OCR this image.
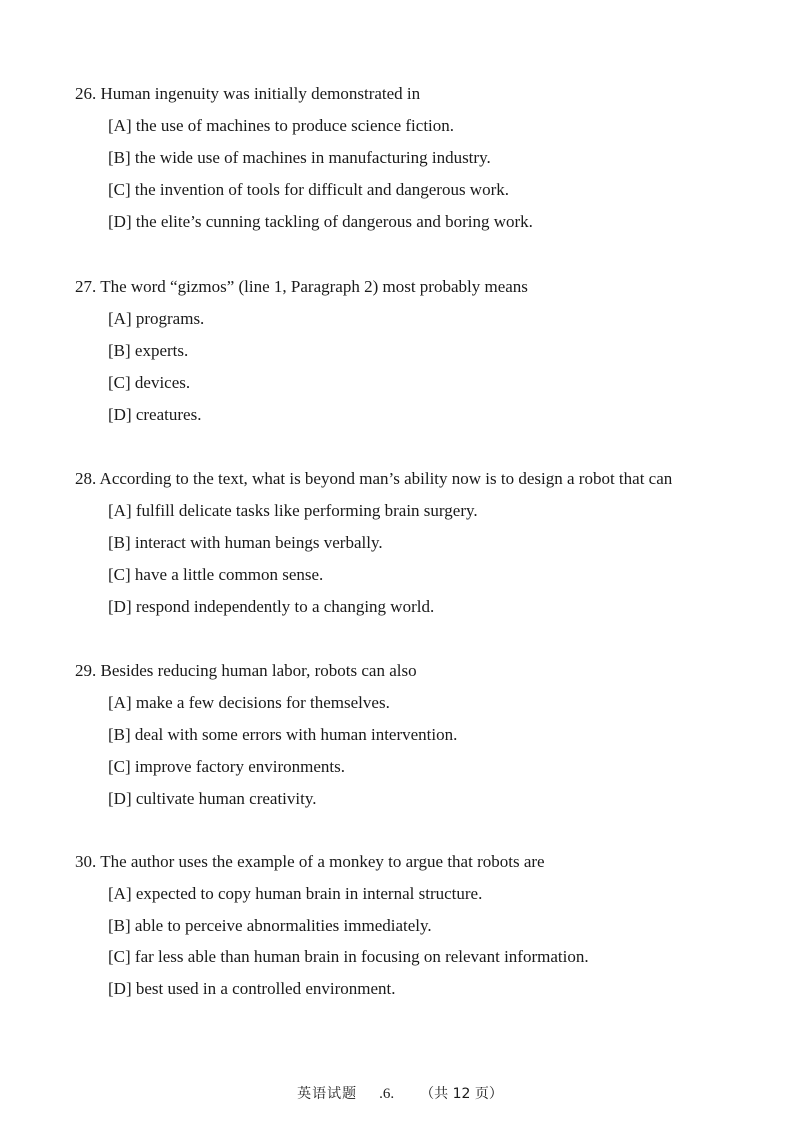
26. Human ingenuity was initially demonstrated in
[A] the use of machines to produce science fiction.
[B] the wide use of machines in manufacturing industry.
[C] the invention of tools for difficult and dangerous work.
[D] the elite’s cunning tackling of dangerous and boring work.
27. The word “gizmos” (line 1, Paragraph 2) most probably means
[A] programs.
[B] experts.
[C] devices.
[D] creatures.
28. According to the text, what is beyond man’s ability now is to design a robot that can
[A] fulfill delicate tasks like performing brain surgery.
[B] interact with human beings verbally.
[C] have a little common sense.
[D] respond independently to a changing world.
29. Besides reducing human labor, robots can also
[A] make a few decisions for themselves.
[B] deal with some errors with human intervention.
[C] improve factory environments.
[D] cultivate human creativity.
30. The author uses the example of a monkey to argue that robots are
[A] expected to copy human brain in internal structure.
[B] able to perceive abnormalities immediately.
[C] far less able than human brain in focusing on relevant information.
[D] best used in a controlled environment.
英语试题 .6. （共 12 页）
